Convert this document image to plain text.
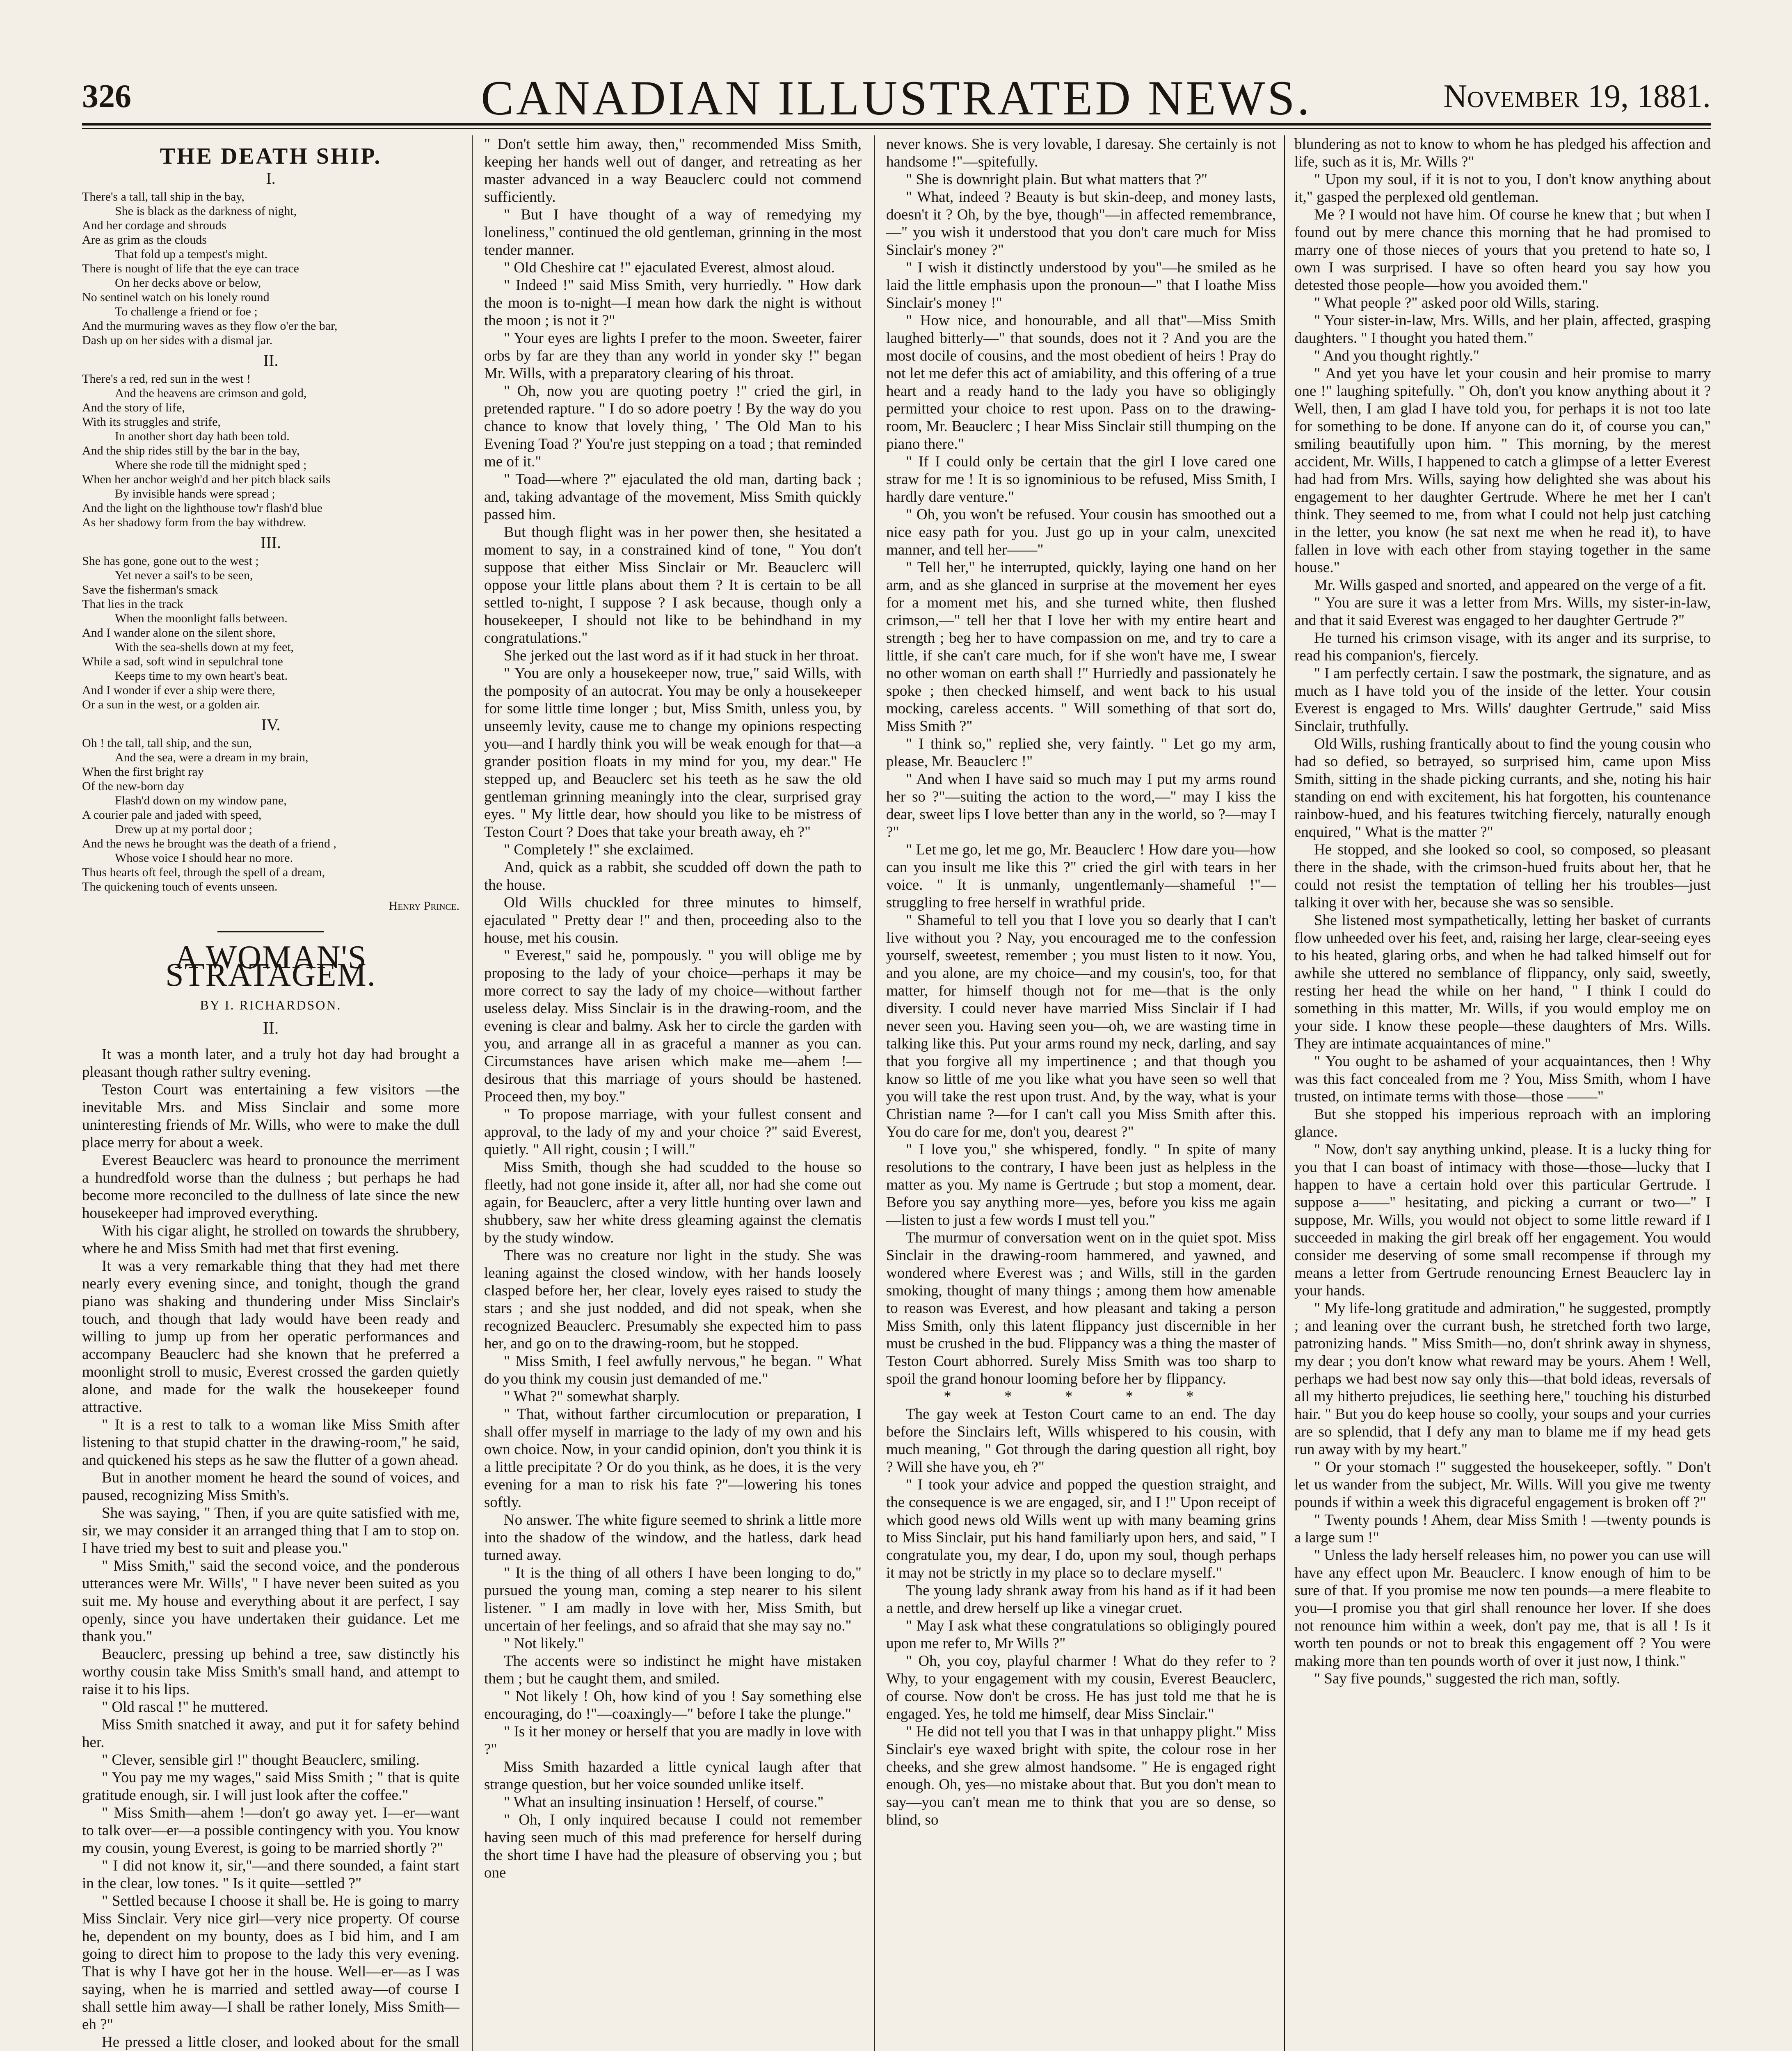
326	CANADIAN ILLUSTRATED NEWS.	November 19, 1881.
THE DEATH SHIP.
I.
There's a tall, tall ship in the bay,
She is black as the darkness of night,
And her cordage and shrouds
Are as grim as the clouds
That fold up a tempest's might.
There is nought of life that the eye can trace
On her decks above or below,
No sentinel watch on his lonely round
To challenge a friend or foe ;
And the murmuring waves as they flow o'er the bar,
Dash up on her sides with a dismal jar.
II.
There's a red, red sun in the west !
And the heavens are crimson and gold,
And the story of life,
With its struggles and strife,
In another short day hath been told.
And the ship rides still by the bar in the bay,
Where she rode till the midnight sped ;
When her anchor weigh'd and her pitch black sails
By invisible hands were spread ;
And the light on the lighthouse tow'r flash'd blue
As her shadowy form from the bay withdrew.
III.
She has gone, gone out to the west ;
Yet never a sail's to be seen,
Save the fisherman's smack
That lies in the track
When the moonlight falls between.
And I wander alone on the silent shore,
With the sea-shells down at my feet,
While a sad, soft wind in sepulchral tone
Keeps time to my own heart's beat.
And I wonder if ever a ship were there,
Or a sun in the west, or a golden air.
IV.
Oh ! the tall, tall ship, and the sun,
And the sea, were a dream in my brain,
When the first bright ray
Of the new-born day
Flash'd down on my window pane,
A courier pale and jaded with speed,
Drew up at my portal door ;
And the news he brought was the death of a friend ,
Whose voice I should hear no more.
Thus hearts oft feel, through the spell of a dream,
The quickening touch of events unseen.
Henry Prince.
A WOMAN'S STRATAGEM.
BY I. RICHARDSON.
II.

It was a month later, and a truly hot day had brought a pleasant though rather sultry evening.

Teston Court was entertaining a few visitors —the inevitable Mrs. and Miss Sinclair and some more uninteresting friends of Mr. Wills, who were to make the dull place merry for about a week.

Everest Beauclerc was heard to pronounce the merriment a hundredfold worse than the dulness ; but perhaps he had become more reconciled to the dullness of late since the new housekeeper had improved everything.

With his cigar alight, he strolled on towards the shrubbery, where he and Miss Smith had met that first evening.

It was a very remarkable thing that they had met there nearly every evening since, and tonight, though the grand piano was shaking and thundering under Miss Sinclair's touch, and though that lady would have been ready and willing to jump up from her operatic performances and accompany Beauclerc had she known that he preferred a moonlight stroll to music, Everest crossed the garden quietly alone, and made for the walk the housekeeper found attractive.

" It is a rest to talk to a woman like Miss Smith after listening to that stupid chatter in the drawing-room," he said, and quickened his steps as he saw the flutter of a gown ahead.

But in another moment he heard the sound of voices, and paused, recognizing Miss Smith's.

She was saying, " Then, if you are quite satisfied with me, sir, we may consider it an arranged thing that I am to stop on. I have tried my best to suit and please you."

" Miss Smith," said the second voice, and the ponderous utterances were Mr. Wills', " I have never been suited as you suit me. My house and everything about it are perfect, I say openly, since you have undertaken their guidance. Let me thank you."

Beauclerc, pressing up behind a tree, saw distinctly his worthy cousin take Miss Smith's small hand, and attempt to raise it to his lips.

" Old rascal !" he muttered.

Miss Smith snatched it away, and put it for safety behind her.

" Clever, sensible girl !" thought Beauclerc, smiling.

" You pay me my wages," said Miss Smith ; " that is quite gratitude enough, sir. I will just look after the coffee."

" Miss Smith—ahem !—don't go away yet. I—er—want to talk over—er—a possible contingency with you. You know my cousin, young Everest, is going to be married shortly ?"

" I did not know it, sir,"—and there sounded, a faint start in the clear, low tones. " Is it quite—settled ?"

" Settled because I choose it shall be. He is going to marry Miss Sinclair. Very nice girl—very nice property. Of course he, dependent on my bounty, does as I bid him, and I am going to direct him to propose to the lady this very evening. That is why I have got her in the house. Well—er—as I was saying, when he is married and settled away—of course I shall settle him away—I shall be rather lonely, Miss Smith—eh ?"

He pressed a little closer, and looked about for the small

" Don't settle him away, then," recommended Miss Smith, keeping her hands well out of danger, and retreating as her master advanced in a way Beauclerc could not commend sufficiently.

" But I have thought of a way of remedying my loneliness," continued the old gentleman, grinning in the most tender manner.

" Old Cheshire cat !" ejaculated Everest, almost aloud.

" Indeed !" said Miss Smith, very hurriedly. " How dark the moon is to-night—I mean how dark the night is without the moon ; is not it ?"

" Your eyes are lights I prefer to the moon. Sweeter, fairer orbs by far are they than any world in yonder sky !" began Mr. Wills, with a preparatory clearing of his throat.

" Oh, now you are quoting poetry !" cried the girl, in pretended rapture. " I do so adore poetry ! By the way do you chance to know that lovely thing, ' The Old Man to his Evening Toad ?' You're just stepping on a toad ; that reminded me of it."

" Toad—where ?" ejaculated the old man, darting back ; and, taking advantage of the movement, Miss Smith quickly passed him.

But though flight was in her power then, she hesitated a moment to say, in a constrained kind of tone, " You don't suppose that either Miss Sinclair or Mr. Beauclerc will oppose your little plans about them ? It is certain to be all settled to-night, I suppose ? I ask because, though only a housekeeper, I should not like to be behindhand in my congratulations."

She jerked out the last word as if it had stuck in her throat.

" You are only a housekeeper now, true," said Wills, with the pomposity of an autocrat. You may be only a housekeeper for some little time longer ; but, Miss Smith, unless you, by unseemly levity, cause me to change my opinions respecting you—and I hardly think you will be weak enough for that—a grander position floats in my mind for you, my dear." He stepped up, and Beauclerc set his teeth as he saw the old gentleman grinning meaningly into the clear, surprised gray eyes. " My little dear, how should you like to be mistress of Teston Court ? Does that take your breath away, eh ?"

" Completely !" she exclaimed.

And, quick as a rabbit, she scudded off down the path to the house.

Old Wills chuckled for three minutes to himself, ejaculated " Pretty dear !" and then, proceeding also to the house, met his cousin.

" Everest," said he, pompously. " you will oblige me by proposing to the lady of your choice—perhaps it may be more correct to say the lady of my choice—without farther useless delay. Miss Sinclair is in the drawing-room, and the evening is clear and balmy. Ask her to circle the garden with you, and arrange all in as graceful a manner as you can. Circumstances have arisen which make me—ahem !—desirous that this marriage of yours should be hastened. Proceed then, my boy."

" To propose marriage, with your fullest consent and approval, to the lady of my and your choice ?" said Everest, quietly. " All right, cousin ; I will."

Miss Smith, though she had scudded to the house so fleetly, had not gone inside it, after all, nor had she come out again, for Beauclerc, after a very little hunting over lawn and shubbery, saw her white dress gleaming against the clematis by the study window.

There was no creature nor light in the study. She was leaning against the closed window, with her hands loosely clasped before her, her clear, lovely eyes raised to study the stars ; and she just nodded, and did not speak, when she recognized Beauclerc. Presumably she expected him to pass her, and go on to the drawing-room, but he stopped.

" Miss Smith, I feel awfully nervous," he began. " What do you think my cousin just demanded of me."

" What ?" somewhat sharply.

" That, without farther circumlocution or preparation, I shall offer myself in marriage to the lady of my own and his own choice. Now, in your candid opinion, don't you think it is a little precipitate ? Or do you think, as he does, it is the very evening for a man to risk his fate ?"—lowering his tones softly.

No answer. The white figure seemed to shrink a little more into the shadow of the window, and the hatless, dark head turned away.

" It is the thing of all others I have been longing to do," pursued the young man, coming a step nearer to his silent listener. " I am madly in love with her, Miss Smith, but uncertain of her feelings, and so afraid that she may say no."

" Not likely."

The accents were so indistinct he might have mistaken them ; but he caught them, and smiled.

" Not likely ! Oh, how kind of you ! Say something else encouraging, do !"—coaxingly—" before I take the plunge."

" Is it her money or herself that you are madly in love with ?"

Miss Smith hazarded a little cynical laugh after that strange question, but her voice sounded unlike itself.

" What an insulting insinuation ! Herself, of course."

" Oh, I only inquired because I could not remember having seen much of this mad preference for herself during the short time I have had the pleasure of observing you ; but one

never knows. She is very lovable, I daresay. She certainly is not handsome !"—spitefully.

" She is downright plain. But what matters that ?"

" What, indeed ? Beauty is but skin-deep, and money lasts, doesn't it ? Oh, by the bye, though"—in affected remembrance,—" you wish it understood that you don't care much for Miss Sinclair's money ?"

" I wish it distinctly understood by you"—he smiled as he laid the little emphasis upon the pronoun—" that I loathe Miss Sinclair's money !"

" How nice, and honourable, and all that"—Miss Smith laughed bitterly—" that sounds, does not it ? And you are the most docile of cousins, and the most obedient of heirs ! Pray do not let me defer this act of amiability, and this offering of a true heart and a ready hand to the lady you have so obligingly permitted your choice to rest upon. Pass on to the drawing-room, Mr. Beauclerc ; I hear Miss Sinclair still thumping on the piano there."

" If I could only be certain that the girl I love cared one straw for me ! It is so ignominious to be refused, Miss Smith, I hardly dare venture."

" Oh, you won't be refused. Your cousin has smoothed out a nice easy path for you. Just go up in your calm, unexcited manner, and tell her——"

" Tell her," he interrupted, quickly, laying one hand on her arm, and as she glanced in surprise at the movement her eyes for a moment met his, and she turned white, then flushed crimson,—" tell her that I love her with my entire heart and strength ; beg her to have compassion on me, and try to care a little, if she can't care much, for if she won't have me, I swear no other woman on earth shall !" Hurriedly and passionately he spoke ; then checked himself, and went back to his usual mocking, careless accents. " Will something of that sort do, Miss Smith ?"

" I think so," replied she, very faintly. " Let go my arm, please, Mr. Beauclerc !"

" And when I have said so much may I put my arms round her so ?"—suiting the action to the word,—" may I kiss the dear, sweet lips I love better than any in the world, so ?—may I ?"

" Let me go, let me go, Mr. Beauclerc ! How dare you—how can you insult me like this ?" cried the girl with tears in her voice. " It is unmanly, ungentlemanly—shameful !"—struggling to free herself in wrathful pride.

" Shameful to tell you that I love you so dearly that I can't live without you ? Nay, you encouraged me to the confession yourself, sweetest, remember ; you must listen to it now. You, and you alone, are my choice—and my cousin's, too, for that matter, for himself though not for me—that is the only diversity. I could never have married Miss Sinclair if I had never seen you. Having seen you—oh, we are wasting time in talking like this. Put your arms round my neck, darling, and say that you forgive all my impertinence ; and that though you know so little of me you like what you have seen so well that you will take the rest upon trust. And, by the way, what is your Christian name ?—for I can't call you Miss Smith after this. You do care for me, don't you, dearest ?"

" I love you," she whispered, fondly. " In spite of many resolutions to the contrary, I have been just as helpless in the matter as you. My name is Gertrude ; but stop a moment, dear. Before you say anything more—yes, before you kiss me again—listen to just a few words I must tell you."

The murmur of conversation went on in the quiet spot. Miss Sinclair in the drawing-room hammered, and yawned, and wondered where Everest was ; and Wills, still in the garden smoking, thought of many things ; among them how amenable to reason was Everest, and how pleasant and taking a person Miss Smith, only this latent flippancy just discernible in her must be crushed in the bud. Flippancy was a thing the master of Teston Court abhorred. Surely Miss Smith was too sharp to spoil the grand honour looming before her by flippancy.

* * * * *

The gay week at Teston Court came to an end. The day before the Sinclairs left, Wills whispered to his cousin, with much meaning, " Got through the daring question all right, boy ? Will she have you, eh ?"

" I took your advice and popped the question straight, and the consequence is we are engaged, sir, and I !" Upon receipt of which good news old Wills went up with many beaming grins to Miss Sinclair, put his hand familiarly upon hers, and said, " I congratulate you, my dear, I do, upon my soul, though perhaps it may not be strictly in my place so to declare myself."

The young lady shrank away from his hand as if it had been a nettle, and drew herself up like a vinegar cruet.

" May I ask what these congratulations so obligingly poured upon me refer to, Mr Wills ?"

" Oh, you coy, playful charmer ! What do they refer to ? Why, to your engagement with my cousin, Everest Beauclerc, of course. Now don't be cross. He has just told me that he is engaged. Yes, he told me himself, dear Miss Sinclair."

" He did not tell you that I was in that unhappy plight." Miss Sinclair's eye waxed bright with spite, the colour rose in her cheeks, and she grew almost handsome. " He is engaged right enough. Oh, yes—no mistake about that. But you don't mean to say—you can't mean me to think that you are so dense, so blind, so

blundering as not to know to whom he has pledged his affection and life, such as it is, Mr. Wills ?"

" Upon my soul, if it is not to you, I don't know anything about it," gasped the perplexed old gentleman.

Me ? I would not have him. Of course he knew that ; but when I found out by mere chance this morning that he had promised to marry one of those nieces of yours that you pretend to hate so, I own I was surprised. I have so often heard you say how you detested those people—how you avoided them."

" What people ?" asked poor old Wills, staring.

" Your sister-in-law, Mrs. Wills, and her plain, affected, grasping daughters. " I thought you hated them."

" And you thought rightly."

" And yet you have let your cousin and heir promise to marry one !" laughing spitefully. " Oh, don't you know anything about it ? Well, then, I am glad I have told you, for perhaps it is not too late for something to be done. If anyone can do it, of course you can," smiling beautifully upon him. " This morning, by the merest accident, Mr. Wills, I happened to catch a glimpse of a letter Everest had had from Mrs. Wills, saying how delighted she was about his engagement to her daughter Gertrude. Where he met her I can't think. They seemed to me, from what I could not help just catching in the letter, you know (he sat next me when he read it), to have fallen in love with each other from staying together in the same house."

Mr. Wills gasped and snorted, and appeared on the verge of a fit.

" You are sure it was a letter from Mrs. Wills, my sister-in-law, and that it said Everest was engaged to her daughter Gertrude ?"

He turned his crimson visage, with its anger and its surprise, to read his companion's, fiercely.

" I am perfectly certain. I saw the postmark, the signature, and as much as I have told you of the inside of the letter. Your cousin Everest is engaged to Mrs. Wills' daughter Gertrude," said Miss Sinclair, truthfully.

Old Wills, rushing frantically about to find the young cousin who had so defied, so betrayed, so surprised him, came upon Miss Smith, sitting in the shade picking currants, and she, noting his hair standing on end with excitement, his hat forgotten, his countenance rainbow-hued, and his features twitching fiercely, naturally enough enquired, " What is the matter ?"

He stopped, and she looked so cool, so composed, so pleasant there in the shade, with the crimson-hued fruits about her, that he could not resist the temptation of telling her his troubles—just talking it over with her, because she was so sensible.

She listened most sympathetically, letting her basket of currants flow unheeded over his feet, and, raising her large, clear-seeing eyes to his heated, glaring orbs, and when he had talked himself out for awhile she uttered no semblance of flippancy, only said, sweetly, resting her head the while on her hand, " I think I could do something in this matter, Mr. Wills, if you would employ me on your side. I know these people—these daughters of Mrs. Wills. They are intimate acquaintances of mine."

" You ought to be ashamed of your acquaintances, then ! Why was this fact concealed from me ? You, Miss Smith, whom I have trusted, on intimate terms with those—those ——"

But she stopped his imperious reproach with an imploring glance.

" Now, don't say anything unkind, please. It is a lucky thing for you that I can boast of intimacy with those—those—lucky that I happen to have a certain hold over this particular Gertrude. I suppose a——" hesitating, and picking a currant or two—" I suppose, Mr. Wills, you would not object to some little reward if I succeeded in making the girl break off her engagement. You would consider me deserving of some small recompense if through my means a letter from Gertrude renouncing Ernest Beauclerc lay in your hands.

" My life-long gratitude and admiration," he suggested, promptly ; and leaning over the currant bush, he stretched forth two large, patronizing hands. " Miss Smith—no, don't shrink away in shyness, my dear ; you don't know what reward may be yours. Ahem ! Well, perhaps we had best now say only this—that bold ideas, reversals of all my hitherto prejudices, lie seething here," touching his disturbed hair. " But you do keep house so coolly, your soups and your curries are so splendid, that I defy any man to blame me if my head gets run away with by my heart."

" Or your stomach !" suggested the housekeeper, softly. " Don't let us wander from the subject, Mr. Wills. Will you give me twenty pounds if within a week this digraceful engagement is broken off ?"

" Twenty pounds ! Ahem, dear Miss Smith ! —twenty pounds is a large sum !"

" Unless the lady herself releases him, no power you can use will have any effect upon Mr. Beauclerc. I know enough of him to be sure of that. If you promise me now ten pounds—a mere fleabite to you—I promise you that girl shall renounce her lover. If she does not renounce him within a week, don't pay me, that is all ! Is it worth ten pounds or not to break this engagement off ? You were making more than ten pounds worth of over it just now, I think."

" Say five pounds," suggested the rich man, softly.
